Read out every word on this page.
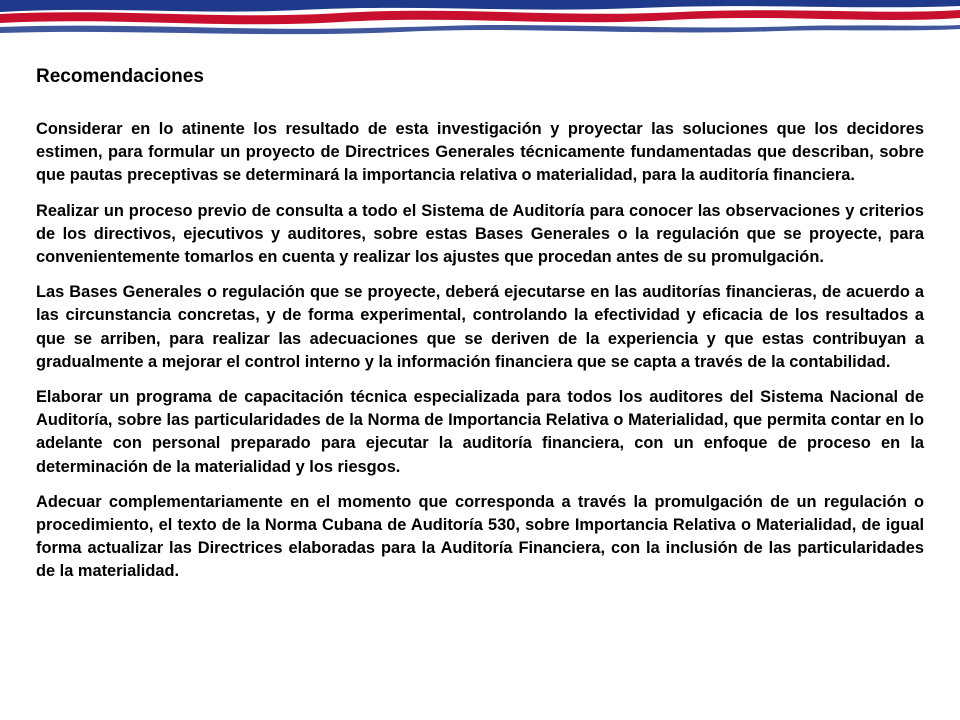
Recomendaciones

Considerar en lo atinente los resultado de esta investigación y proyectar las soluciones que los decidores estimen, para formular un proyecto de Directrices Generales técnicamente fundamentadas que describan, sobre que pautas preceptivas se determinará la importancia relativa o materialidad, para la auditoría financiera.

Realizar un proceso previo de consulta a todo el Sistema de Auditoría para conocer las observaciones y criterios de los directivos, ejecutivos y auditores, sobre estas Bases Generales o la regulación que se proyecte, para convenientemente tomarlos en cuenta y realizar los ajustes que procedan antes de su promulgación.

Las Bases Generales o regulación que se proyecte, deberá ejecutarse en las auditorías financieras, de acuerdo a las circunstancia concretas, y de forma experimental, controlando la efectividad y eficacia de los resultados a que se arriben, para realizar las adecuaciones que se deriven de la experiencia y que estas contribuyan a gradualmente a mejorar el control interno y la información financiera que se capta a través de la contabilidad.

Elaborar un programa de capacitación técnica especializada para todos los auditores del Sistema Nacional de Auditoría, sobre las particularidades de la Norma de Importancia Relativa o Materialidad, que permita contar en lo adelante con personal preparado para ejecutar la auditoría financiera, con un enfoque de proceso en la determinación de la materialidad y los riesgos.

Adecuar complementariamente en el momento que corresponda a través la promulgación de un regulación o procedimiento, el texto de la Norma Cubana de Auditoría 530, sobre Importancia Relativa o Materialidad, de igual forma actualizar las Directrices elaboradas para la Auditoría Financiera, con la inclusión de las particularidades de la materialidad.
